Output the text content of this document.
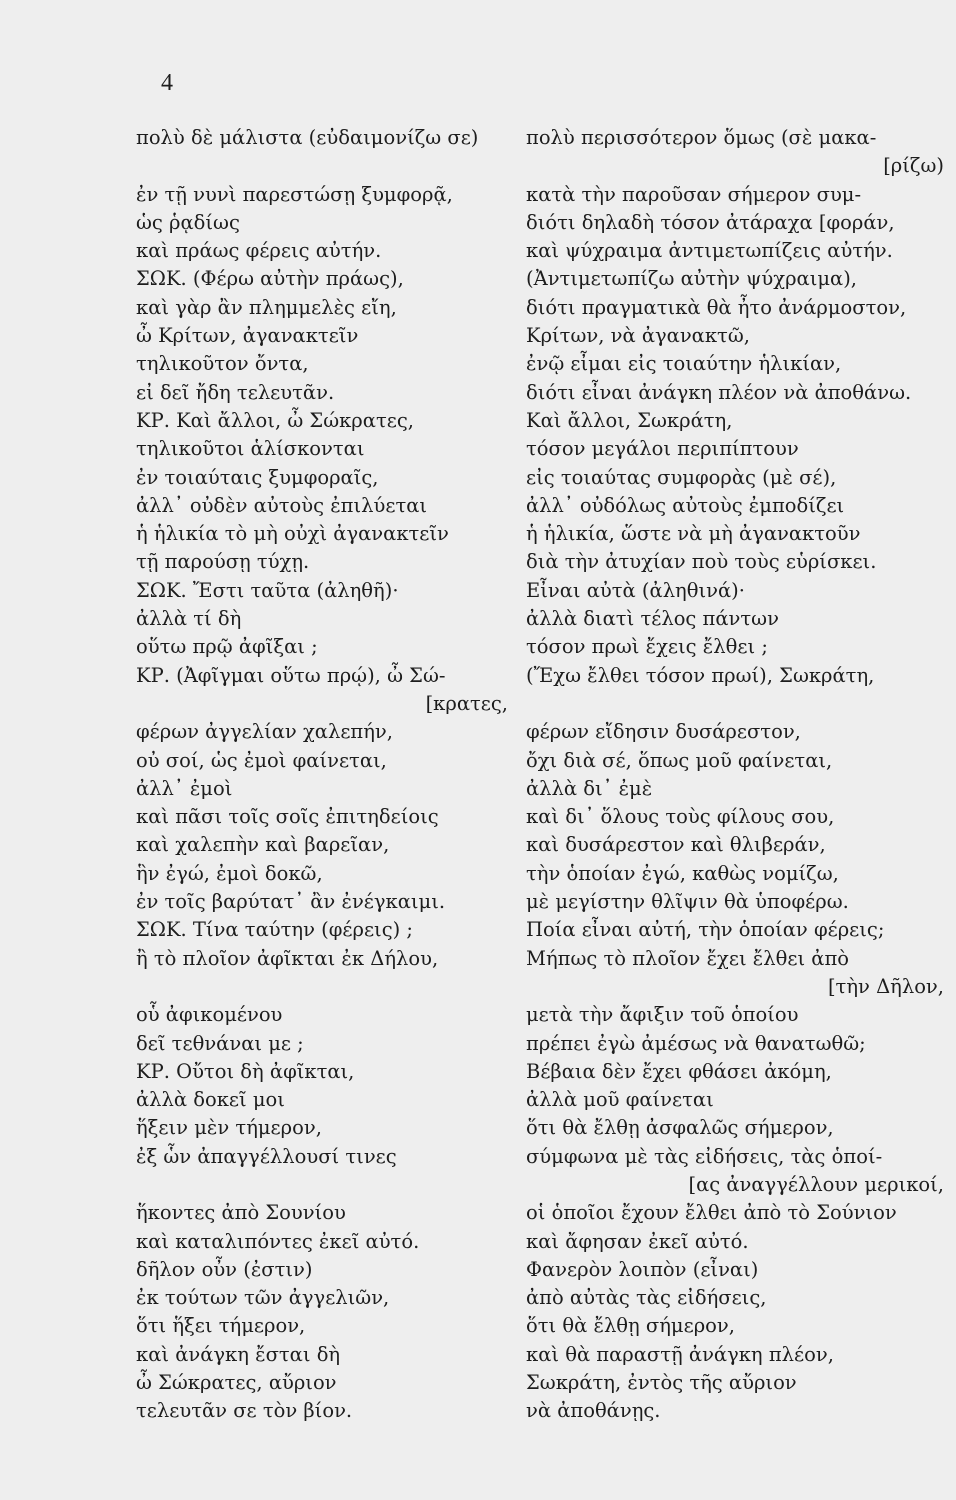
4
πολὺ δὲ μάλιστα (εὐδαιμονίζω σε)
ἐν τῇ νυνὶ παρεστώσῃ ξυμφορᾷ,
ὡς ῥᾳδίως
καὶ πράως φέρεις αὐτήν.
ΣΩΚ. (Φέρω αὐτὴν πράως),
καὶ γὰρ ἂν πλημμελὲς εἴη,
ὦ Κρίτων, ἀγανακτεῖν
τηλικοῦτον ὄντα,
εἰ δεῖ ἤδη τελευτᾶν.
ΚΡ. Καὶ ἄλλοι, ὦ Σώκρατες,
τηλικοῦτοι ἁλίσκονται
ἐν τοιαύταις ξυμφοραῖς,
ἀλλ᾽ οὐδὲν αὐτοὺς ἐπιλύεται
ἡ ἡλικία τὸ μὴ οὐχὶ ἀγανακτεῖν
τῇ παρούσῃ τύχῃ.
ΣΩΚ. Ἔστι ταῦτα (ἀληθῆ)·
ἀλλὰ τί δὴ
οὕτω πρῷ ἀφῖξαι ;
ΚΡ. (Ἀφῖγμαι οὕτω πρῴ), ὦ Σώ-
[κρατες,
φέρων ἀγγελίαν χαλεπήν,
οὐ σοί, ὡς ἐμοὶ φαίνεται,
ἀλλ᾽ ἐμοὶ
καὶ πᾶσι τοῖς σοῖς ἐπιτηδείοις
καὶ χαλεπὴν καὶ βαρεῖαν,
ἣν ἐγώ, ἐμοὶ δοκῶ,
ἐν τοῖς βαρύτατ᾽ ἂν ἐνέγκαιμι.
ΣΩΚ. Τίνα ταύτην (φέρεις) ;
ἢ τὸ πλοῖον ἀφῖκται ἐκ Δήλου,
οὗ ἀφικομένου
δεῖ τεθνάναι με ;
ΚΡ. Οὔτοι δὴ ἀφῖκται,
ἀλλὰ δοκεῖ μοι
ἥξειν μὲν τήμερον,
ἐξ ὧν ἀπαγγέλλουσί τινες
ἥκοντες ἀπὸ Σουνίου
καὶ καταλιπόντες ἐκεῖ αὐτό.
δῆλον οὖν (ἐστιν)
ἐκ τούτων τῶν ἀγγελιῶν,
ὅτι ἥξει τήμερον,
καὶ ἀνάγκη ἔσται δὴ
ὦ Σώκρατες, αὔριον
τελευτᾶν σε τὸν βίον.
πολὺ περισσότερον ὅμως (σὲ μακα-
[ρίζω)
κατὰ τὴν παροῦσαν σήμερον συμ-
διότι δηλαδὴ τόσον ἀτάραχα [φοράν,
καὶ ψύχραιμα ἀντιμετωπίζεις αὐτήν.
(Ἀντιμετωπίζω αὐτὴν ψύχραιμα),
διότι πραγματικὰ θὰ ἦτο ἀνάρμοστον,
Κρίτων, νὰ ἀγανακτῶ,
ἐνῷ εἶμαι εἰς τοιαύτην ἡλικίαν,
διότι εἶναι ἀνάγκη πλέον νὰ ἀποθάνω.
Καὶ ἄλλοι, Σωκράτη,
τόσον μεγάλοι περιπίπτουν
εἰς τοιαύτας συμφορὰς (μὲ σέ),
ἀλλ᾽ οὐδόλως αὐτοὺς ἐμποδίζει
ἡ ἡλικία, ὥστε νὰ μὴ ἀγανακτοῦν
διὰ τὴν ἀτυχίαν ποὺ τοὺς εὑρίσκει.
Εἶναι αὐτὰ (ἀληθινά)·
ἀλλὰ διατὶ τέλος πάντων
τόσον πρωὶ ἔχεις ἔλθει ;
(Ἔχω ἔλθει τόσον πρωί), Σωκράτη,
φέρων εἴδησιν δυσάρεστον,
ὄχι διὰ σέ, ὅπως μοῦ φαίνεται,
ἀλλὰ δι᾽ ἐμὲ
καὶ δι᾽ ὅλους τοὺς φίλους σου,
καὶ δυσάρεστον καὶ θλιβεράν,
τὴν ὁποίαν ἐγώ, καθὼς νομίζω,
μὲ μεγίστην θλῖψιν θὰ ὑποφέρω.
Ποία εἶναι αὐτή, τὴν ὁποίαν φέρεις;
Μήπως τὸ πλοῖον ἔχει ἔλθει ἀπὸ
[τὴν Δῆλον,
μετὰ τὴν ἄφιξιν τοῦ ὁποίου
πρέπει ἐγὼ ἀμέσως νὰ θανατωθῶ;
Βέβαια δὲν ἔχει φθάσει ἀκόμη,
ἀλλὰ μοῦ φαίνεται
ὅτι θὰ ἔλθῃ ἀσφαλῶς σήμερον,
σύμφωνα μὲ τὰς εἰδήσεις, τὰς ὁποί-
[ας ἀναγγέλλουν μερικοί,
οἱ ὁποῖοι ἔχουν ἔλθει ἀπὸ τὸ Σούνιον
καὶ ἄφησαν ἐκεῖ αὐτό.
Φανερὸν λοιπὸν (εἶναι)
ἀπὸ αὐτὰς τὰς εἰδήσεις,
ὅτι θὰ ἔλθῃ σήμερον,
καὶ θὰ παραστῇ ἀνάγκη πλέον,
Σωκράτη, ἐντὸς τῆς αὔριον
νὰ ἀποθάνῃς.
